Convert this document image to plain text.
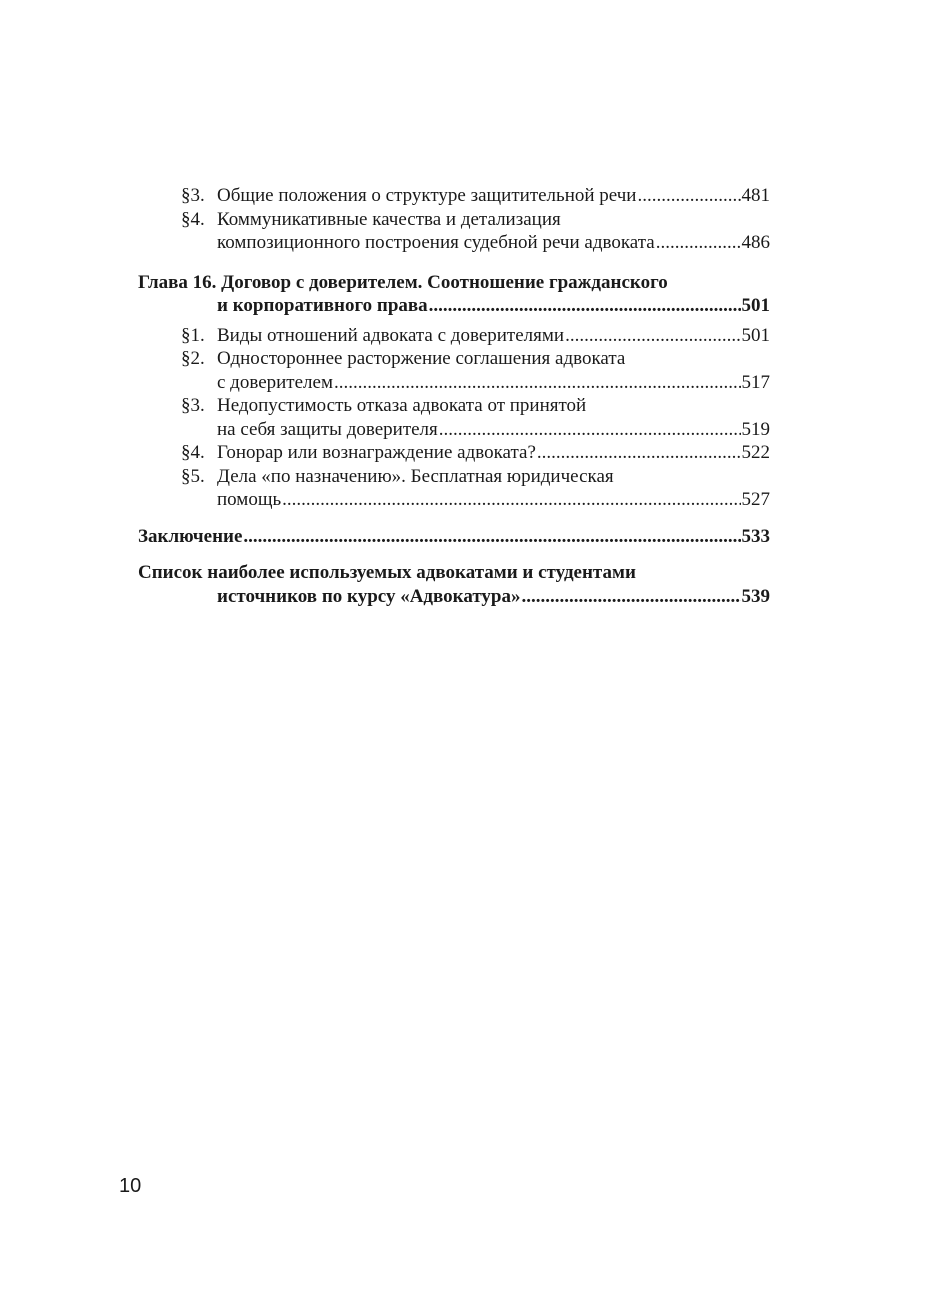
§3. Общие положения о структуре защитительной речи .....	481
§4. Коммуникативные качества и детализация
композиционного построения судебной речи адвоката .....	486
Глава 16. Договор с доверителем. Соотношение гражданского
и корпоративного права .....	501
§1. Виды отношений адвоката с доверителями .....	501
§2. Одностороннее расторжение соглашения адвоката
с доверителем .....	517
§3. Недопустимость отказа адвоката от принятой
на себя защиты доверителя .....	519
§4. Гонорар или вознаграждение адвоката? .....	522
§5. Дела «по назначению». Бесплатная юридическая
помощь .....	527
Заключение .....	533
Список наиболее используемых адвокатами и студентами
источников по курсу «Адвокатура» .....	539
10
